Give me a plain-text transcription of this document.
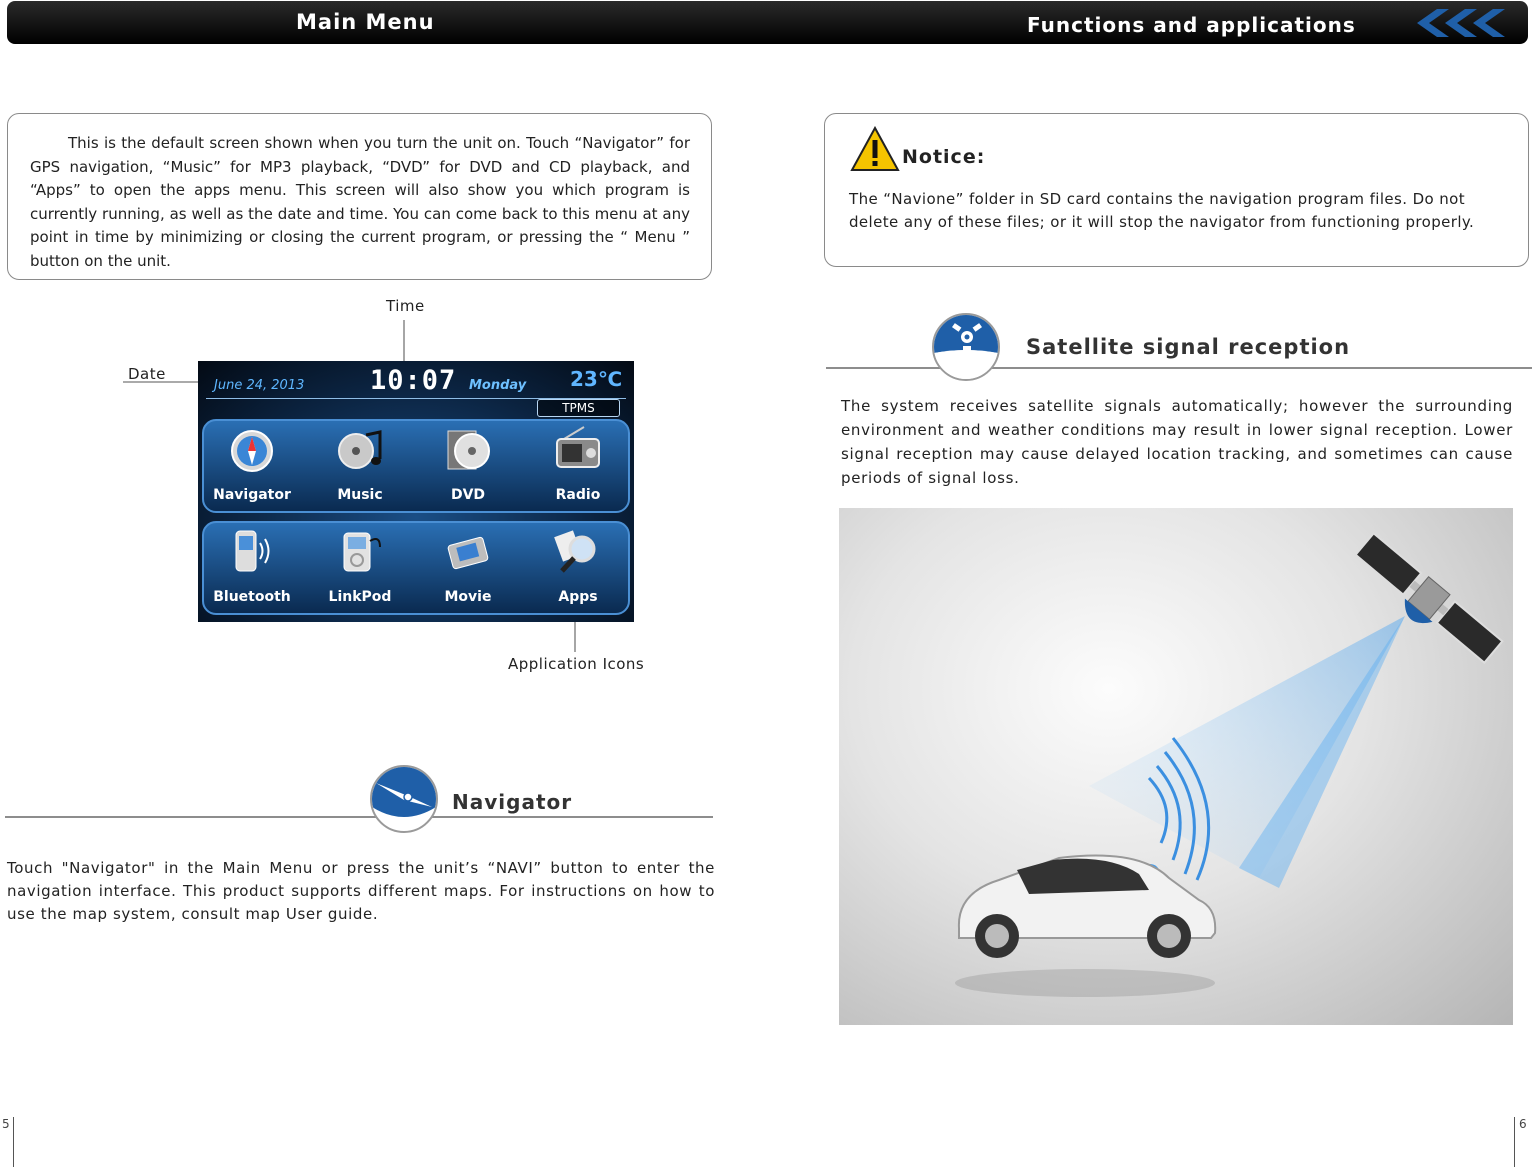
Main Menu	Functions and applications

This is the default screen shown when you turn the unit on. Touch “Navigator” for GPS navigation, “Music” for MP3 playback, “DVD” for DVD and CD playback, and “Apps” to open the apps menu. This screen will also show you which program is currently running, as well as the date and time. You can come back to this menu at any point in time by minimizing or closing the current program, or pressing the “ Menu ” button on the unit.

Notice:

The “Navione” folder in SD card contains the navigation program files. Do not delete any of these files; or it will stop the navigator from functioning properly.

Time
Date
Application Icons
June 24, 2013 10:07 Monday 23℃
TPMS
Navigator	Music	DVD	Radio
Bluetooth	LinkPod	Movie	Apps
Navigator

Touch "Navigator" in the Main Menu or press the unit’s “NAVI” button to enter the navigation interface. This product supports different maps. For instructions on how to use the map system, consult map User guide.

Satellite signal reception

The system receives satellite signals automatically; however the surrounding environment and weather conditions may result in lower signal reception. Lower signal reception may cause delayed location tracking, and sometimes can cause periods of signal loss.

5	6
